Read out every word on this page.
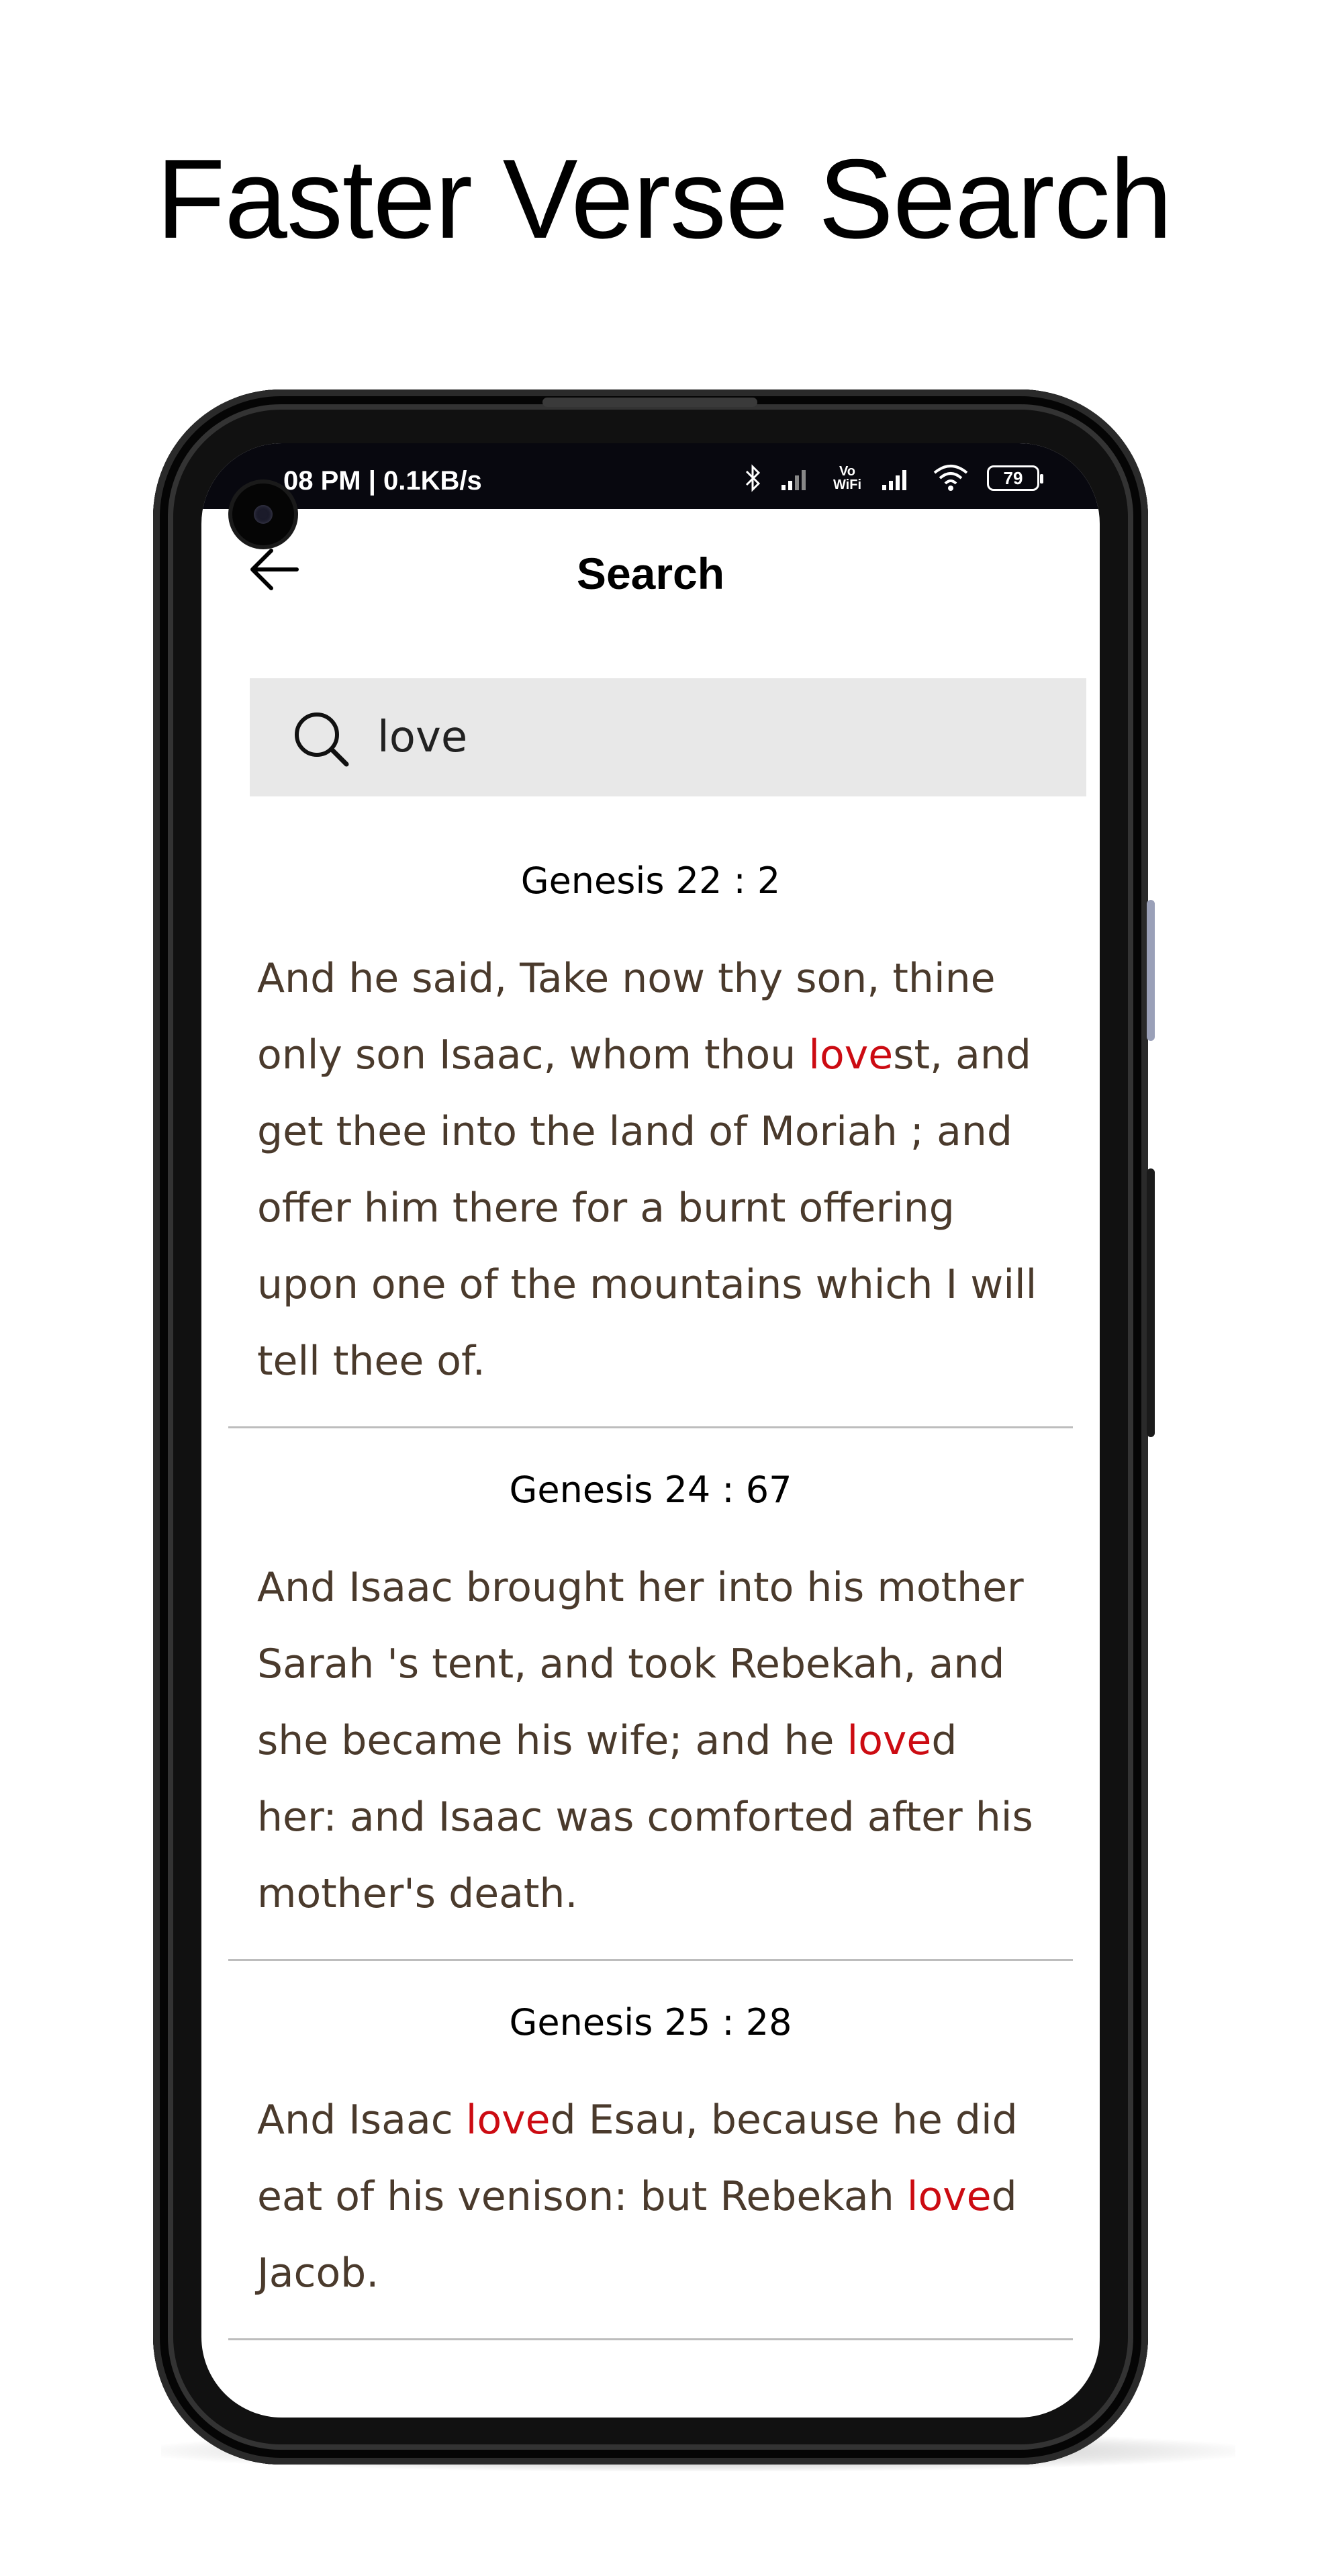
Faster Verse Search
08 PM | 0.1KB/s	Vo WiFi	79
Search
love
Genesis 22 : 2
And he said, Take now thy son, thine only son Isaac, whom thou lovest, and get thee into the land of Moriah ; and offer him there for a burnt offering upon one of the mountains which I will tell thee of.
Genesis 24 : 67
And Isaac brought her into his mother Sarah 's tent, and took Rebekah, and she became his wife; and he loved her: and Isaac was comforted after his mother's death.
Genesis 25 : 28
And Isaac loved Esau, because he did eat of his venison: but Rebekah loved Jacob.
